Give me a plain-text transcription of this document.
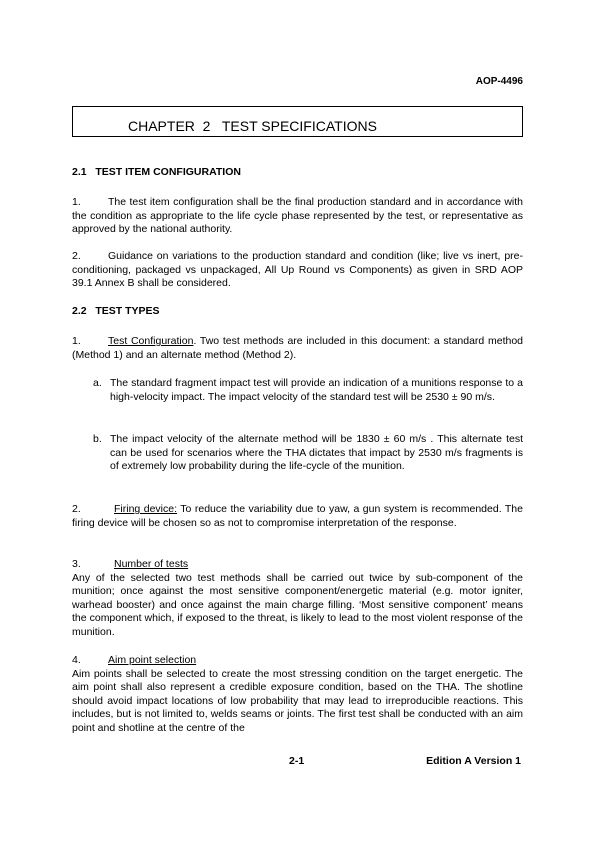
AOP-4496
CHAPTER  2   TEST SPECIFICATIONS
2.1   TEST ITEM CONFIGURATION
1.	The test item configuration shall be the final production standard and in accordance with the condition as appropriate to the life cycle phase represented by the test, or representative as approved by the national authority.
2.	Guidance on variations to the production standard and condition (like; live vs inert, pre-conditioning, packaged vs unpackaged, All Up Round vs Components) as given in SRD AOP 39.1 Annex B shall be considered.
2.2   TEST TYPES
1.	Test Configuration. Two test methods are included in this document: a standard method (Method 1) and an alternate method (Method 2).
a. The standard fragment impact test will provide an indication of a munitions response to a high-velocity impact. The impact velocity of the standard test will be 2530 ± 90 m/s.
b. The impact velocity of the alternate method will be 1830 ± 60 m/s . This alternate test can be used for scenarios where the THA dictates that impact by 2530 m/s fragments is of extremely low probability during the life-cycle of the munition.
2.	Firing device: To reduce the variability due to yaw, a gun system is recommended. The firing device will be chosen so as not to compromise interpretation of the response.
3.	Number of tests
Any of the selected two test methods shall be carried out twice by sub-component of the munition; once against the most sensitive component/energetic material (e.g. motor igniter, warhead booster) and once against the main charge filling. ‘Most sensitive component’ means the component which, if exposed to the threat, is likely to lead to the most violent response of the munition.
4.	Aim point selection
Aim points shall be selected to create the most stressing condition on the target energetic. The aim point shall also represent a credible exposure condition, based on the THA. The shotline should avoid impact locations of low probability that may lead to irreproducible reactions. This includes, but is not limited to, welds seams or joints. The first test shall be conducted with an aim point and shotline at the centre of the
2-1	Edition A Version 1
